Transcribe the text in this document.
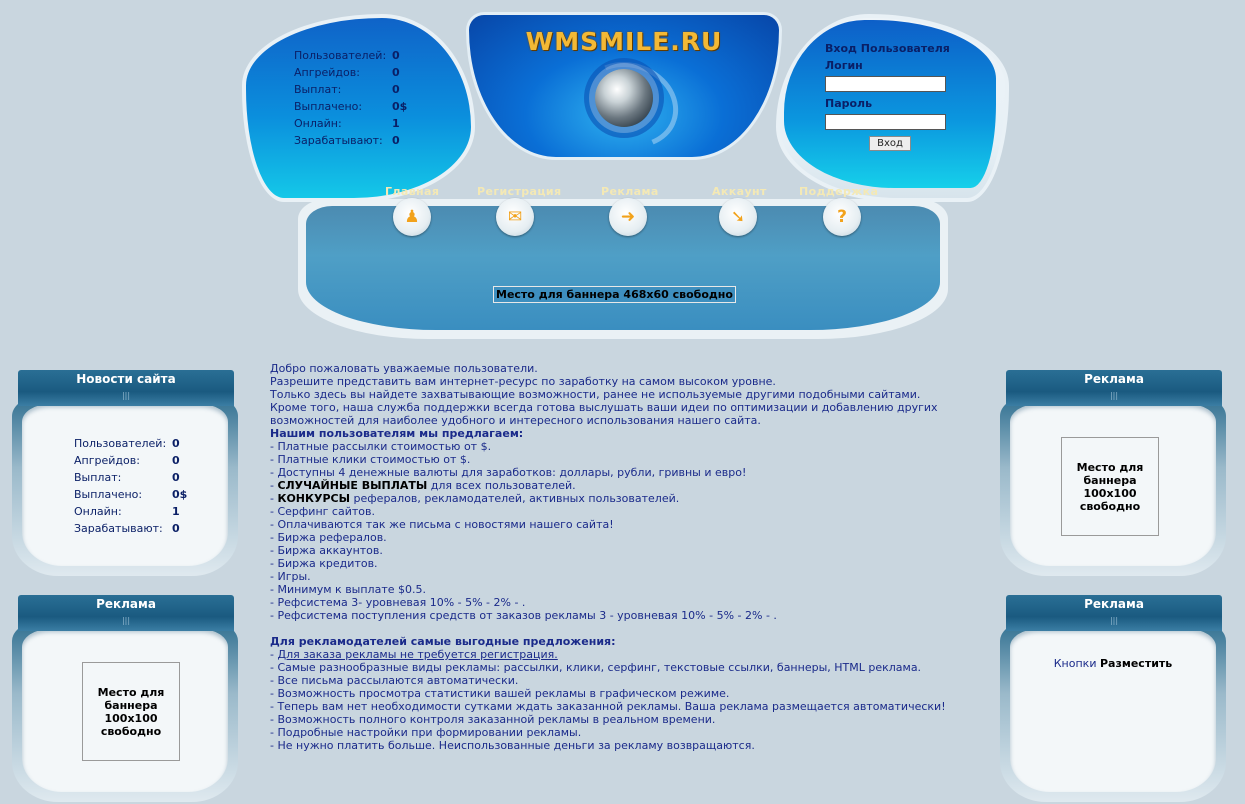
Пользователей: 0
Апгрейдов:	0
Выплат:	0
Выплачено:	0$
Онлайн:	1
Зарабатывают: 0
WMSMILE.RU	Вход Пользователя
Логин
Пароль
Вход
Главная	Регистрация	Реклама	Аккаунт	Поддержка
♟	✉	➜	➘	?
Место для баннера 468x60 свободно
Новости сайта
|||
Пользователей: 0
Апгрейдов:	0
Выплат:	0
Выплачено:	0$
Онлайн:	1
Зарабатывают: 0
Реклама
|||
Место для баннера 100x100 свободно
Реклама
|||
Место для баннера 100x100 свободно
Реклама
|||
Кнопки Разместить
Добро пожаловать уважаемые пользователи.
Разрешите представить вам интернет-ресурс по заработку на самом высоком уровне.
Только здесь вы найдете захватывающие возможности, ранее не используемые другими подобными сайтами.
Кроме того, наша служба поддержки всегда готова выслушать ваши идеи по оптимизации и добавлению других
возможностей для наиболее удобного и интересного использования нашего сайта.
Нашим пользователям мы предлагаем:
- Платные рассылки стоимостью от $.
- Платные клики стоимостью от $.
- Доступны 4 денежные валюты для заработков: доллары, рубли, гривны и евро!
- СЛУЧАЙНЫЕ ВЫПЛАТЫ для всех пользователей.
- КОНКУРСЫ рефералов, рекламодателей, активных пользователей.
- Серфинг сайтов.
- Оплачиваются так же письма с новостями нашего сайта!
- Биржа рефералов.
- Биржа аккаунтов.
- Биржа кредитов.
- Игры.
- Минимум к выплате $0.5.
- Рефсистема 3- уровневая 10% - 5% - 2% - .
- Рефсистема поступления средств от заказов рекламы 3 - уровневая 10% - 5% - 2% - .
Для рекламодателей самые выгодные предложения:
- Для заказа рекламы не требуется регистрация.
- Самые разнообразные виды рекламы: рассылки, клики, серфинг, текстовые ссылки, баннеры, HTML реклама.
- Все письма рассылаются автоматически.
- Возможность просмотра статистики вашей рекламы в графическом режиме.
- Теперь вам нет необходимости сутками ждать заказанной рекламы. Ваша реклама размещается автоматически!
- Возможность полного контроля заказанной рекламы в реальном времени.
- Подробные настройки при формировании рекламы.
- Не нужно платить больше. Неиспользованные деньги за рекламу возвращаются.
